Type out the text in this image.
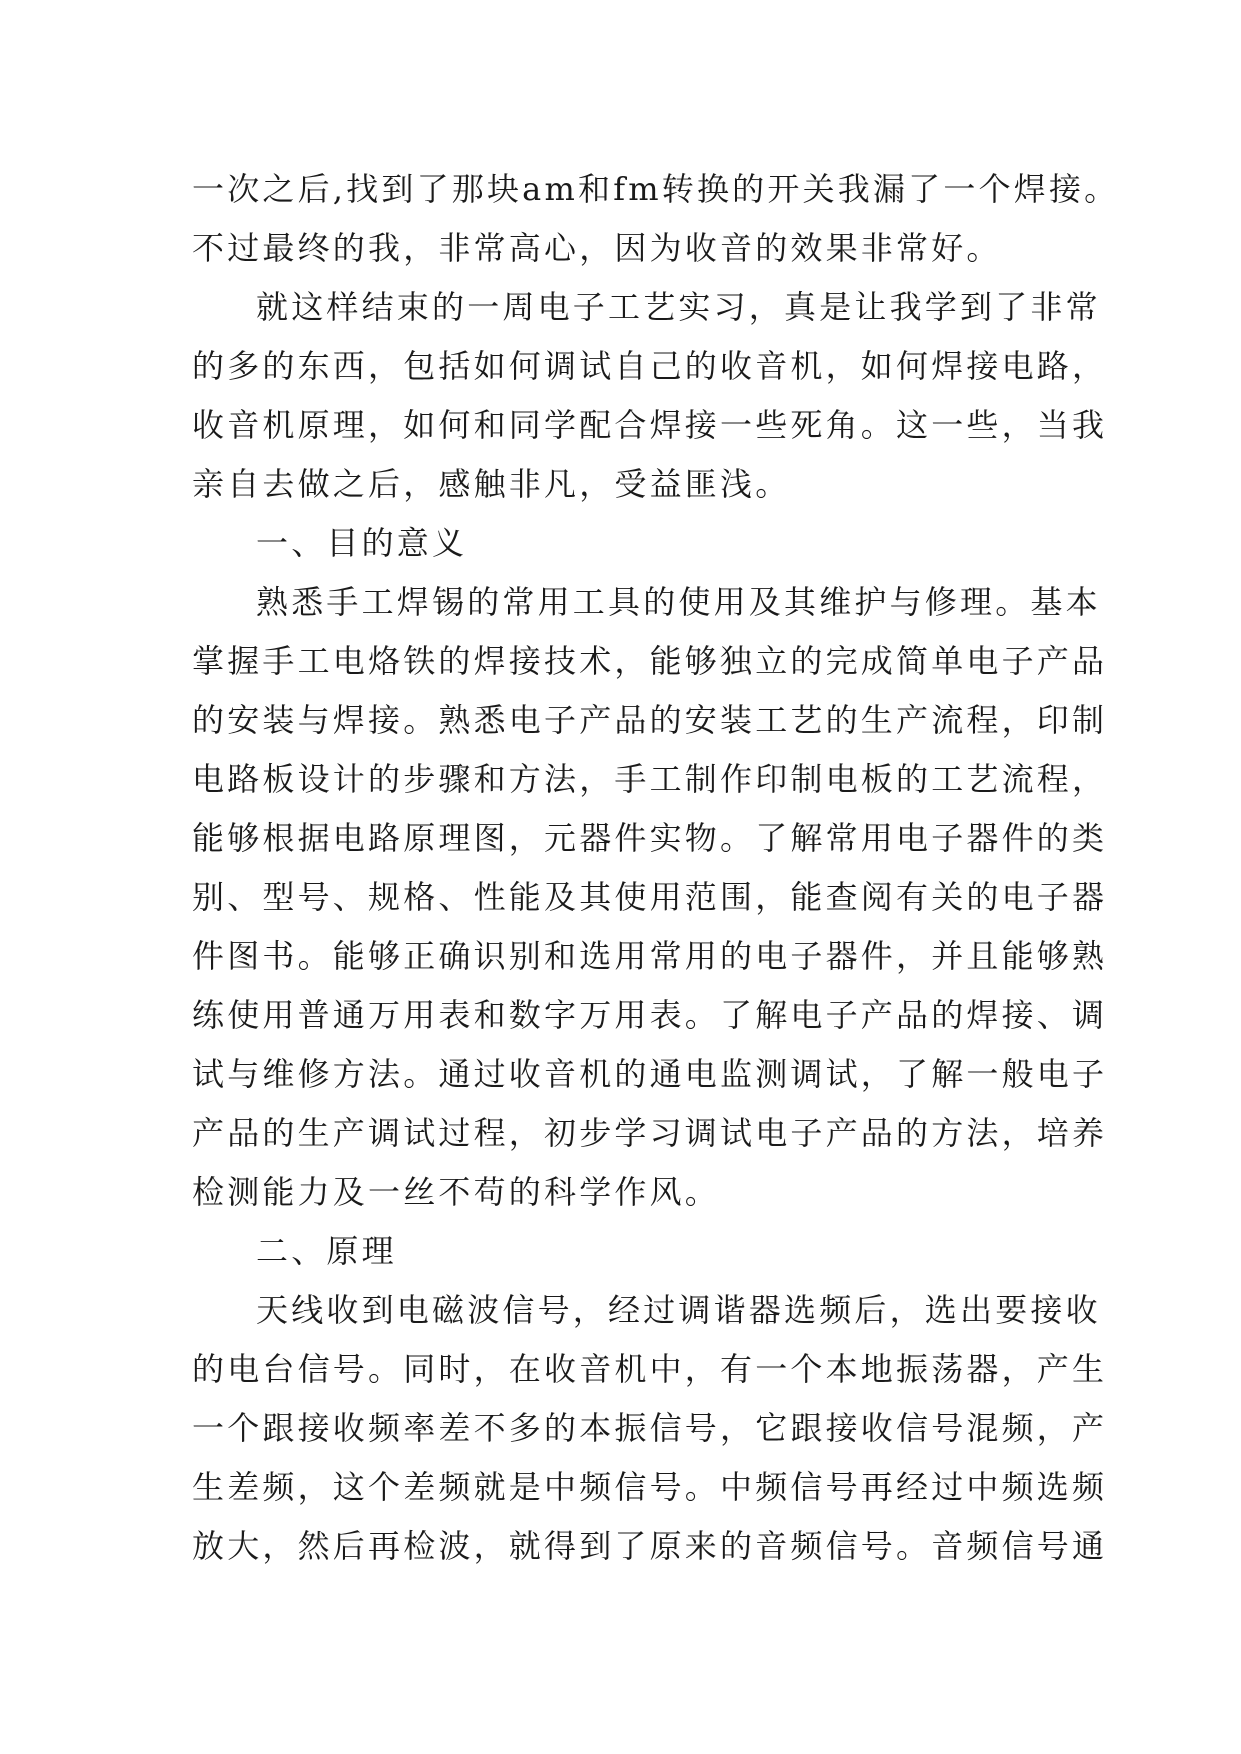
一次之后,找到了那块am和fm转换的开关我漏了一个焊接。
不过最终的我，非常高心，因为收音的效果非常好。
就这样结束的一周电子工艺实习，真是让我学到了非常
的多的东西，包括如何调试自己的收音机，如何焊接电路，
收音机原理，如何和同学配合焊接一些死角。这一些，当我
亲自去做之后，感触非凡，受益匪浅。
一、目的意义
熟悉手工焊锡的常用工具的使用及其维护与修理。基本
掌握手工电烙铁的焊接技术，能够独立的完成简单电子产品
的安装与焊接。熟悉电子产品的安装工艺的生产流程，印制
电路板设计的步骤和方法，手工制作印制电板的工艺流程，
能够根据电路原理图，元器件实物。了解常用电子器件的类
别、型号、规格、性能及其使用范围，能查阅有关的电子器
件图书。能够正确识别和选用常用的电子器件，并且能够熟
练使用普通万用表和数字万用表。了解电子产品的焊接、调
试与维修方法。通过收音机的通电监测调试，了解一般电子
产品的生产调试过程，初步学习调试电子产品的方法，培养
检测能力及一丝不苟的科学作风。
二、原理
天线收到电磁波信号，经过调谐器选频后，选出要接收
的电台信号。同时，在收音机中，有一个本地振荡器，产生
一个跟接收频率差不多的本振信号，它跟接收信号混频，产
生差频，这个差频就是中频信号。中频信号再经过中频选频
放大，然后再检波，就得到了原来的音频信号。音频信号通
